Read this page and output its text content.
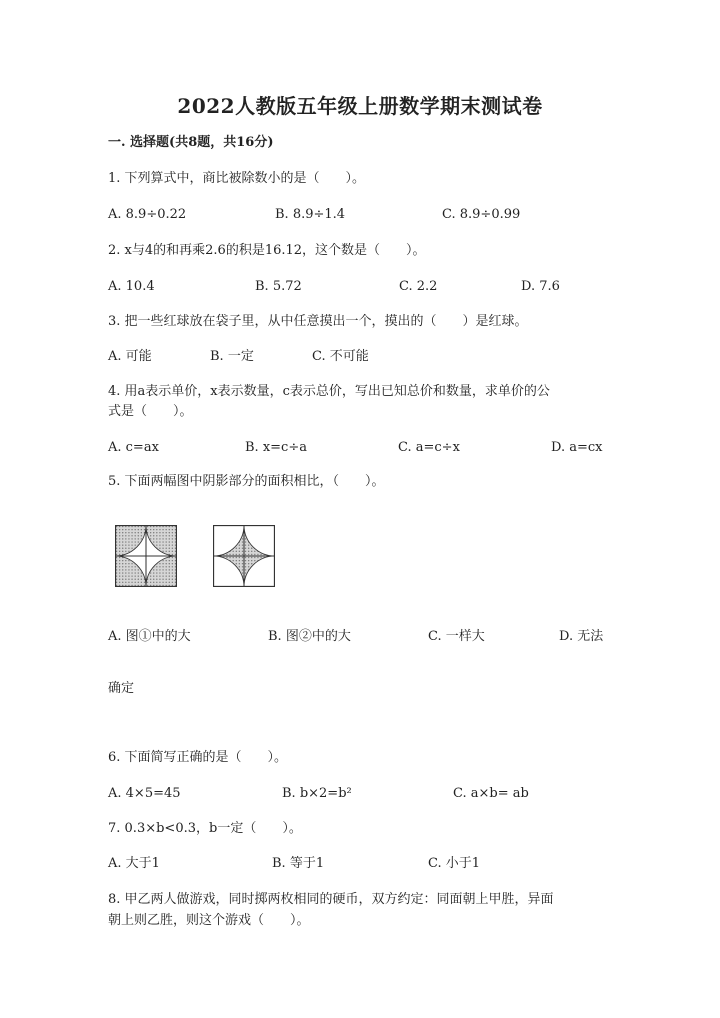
2022人教版五年级上册数学期末测试卷
一. 选择题(共8题，共16分)
1. 下列算式中，商比被除数小的是（　　）。
A. 8.9÷0.22	B. 8.9÷1.4	C. 8.9÷0.99
2. x与4的和再乘2.6的积是16.12，这个数是（　　）。
A. 10.4	B. 5.72	C. 2.2	D. 7.6
3. 把一些红球放在袋子里，从中任意摸出一个，摸出的（　　）是红球。
A. 可能	B. 一定	C. 不可能
4. 用a表示单价，x表示数量，c表示总价，写出已知总价和数量，求单价的公
式是（　　）。
A. c=ax	B. x=c÷a	C. a=c÷x	D. a=cx
5. 下面两幅图中阴影部分的面积相比，（　　）。
A. 图①中的大	B. 图②中的大	C. 一样大	D. 无法
确定
6. 下面简写正确的是（　　）。
A. 4×5=45	B. b×2=b²	C. a×b= ab
7. 0.3×b<0.3，b一定（　　）。
A. 大于1	B. 等于1	C. 小于1
8. 甲乙两人做游戏，同时掷两枚相同的硬币，双方约定：同面朝上甲胜，异面
朝上则乙胜，则这个游戏（　　）。
